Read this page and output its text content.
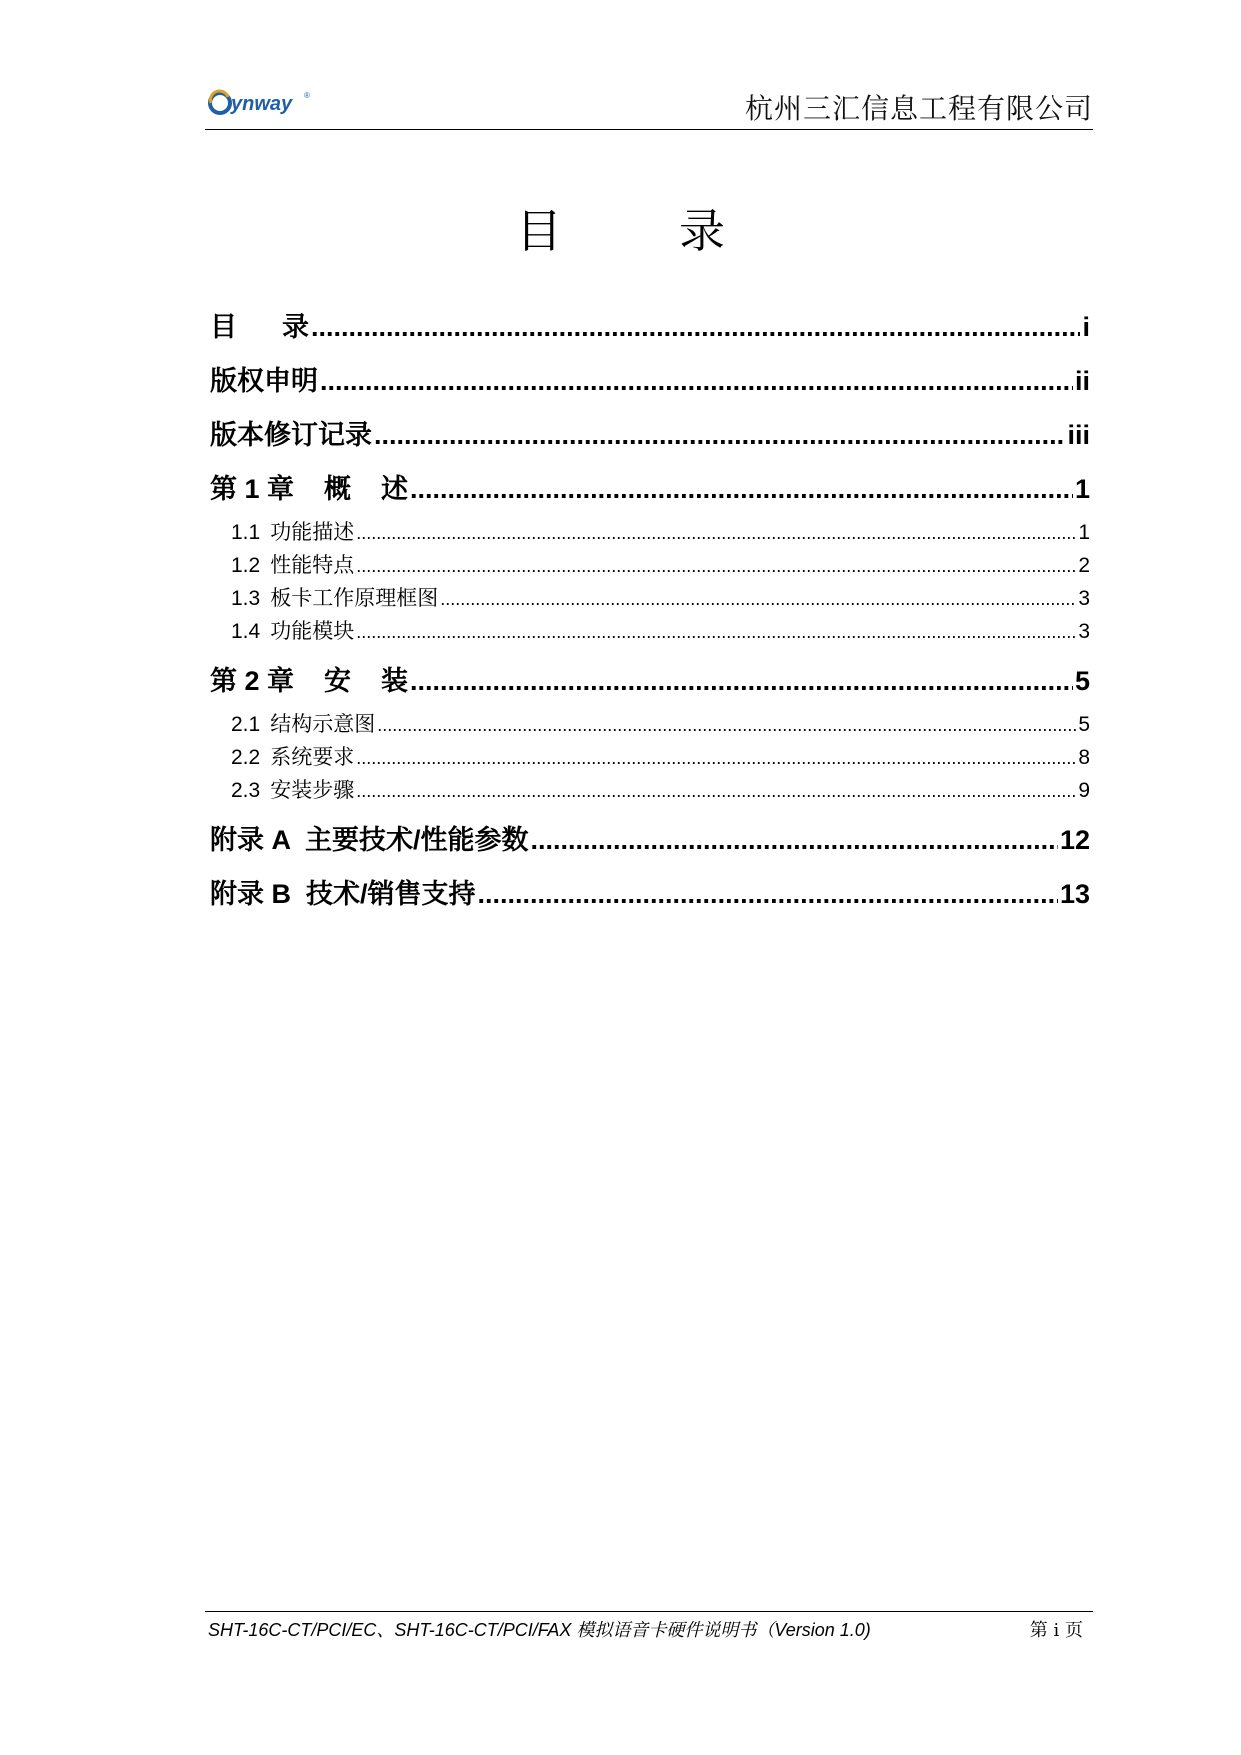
ynway ®	杭州三汇信息工程有限公司
目        录
目      录 .....	i
版权申明 .....	ii
版本修订记录 .....	iii
第 1 章    概    述 .....	1
1.1 功能描述 .....	1
1.2 性能特点 .....	2
1.3 板卡工作原理框图 .....	3
1.4 功能模块 .....	3
第 2 章    安    装 .....	5
2.1 结构示意图 .....	5
2.2 系统要求 .....	8
2.3 安装步骤 .....	9
附录 A  主要技术/性能参数 .....	12
附录 B  技术/销售支持 .....	13
SHT-16C-CT/PCI/EC、SHT-16C-CT/PCI/FAX 模拟语音卡硬件说明书（Version 1.0)	第 i 页
